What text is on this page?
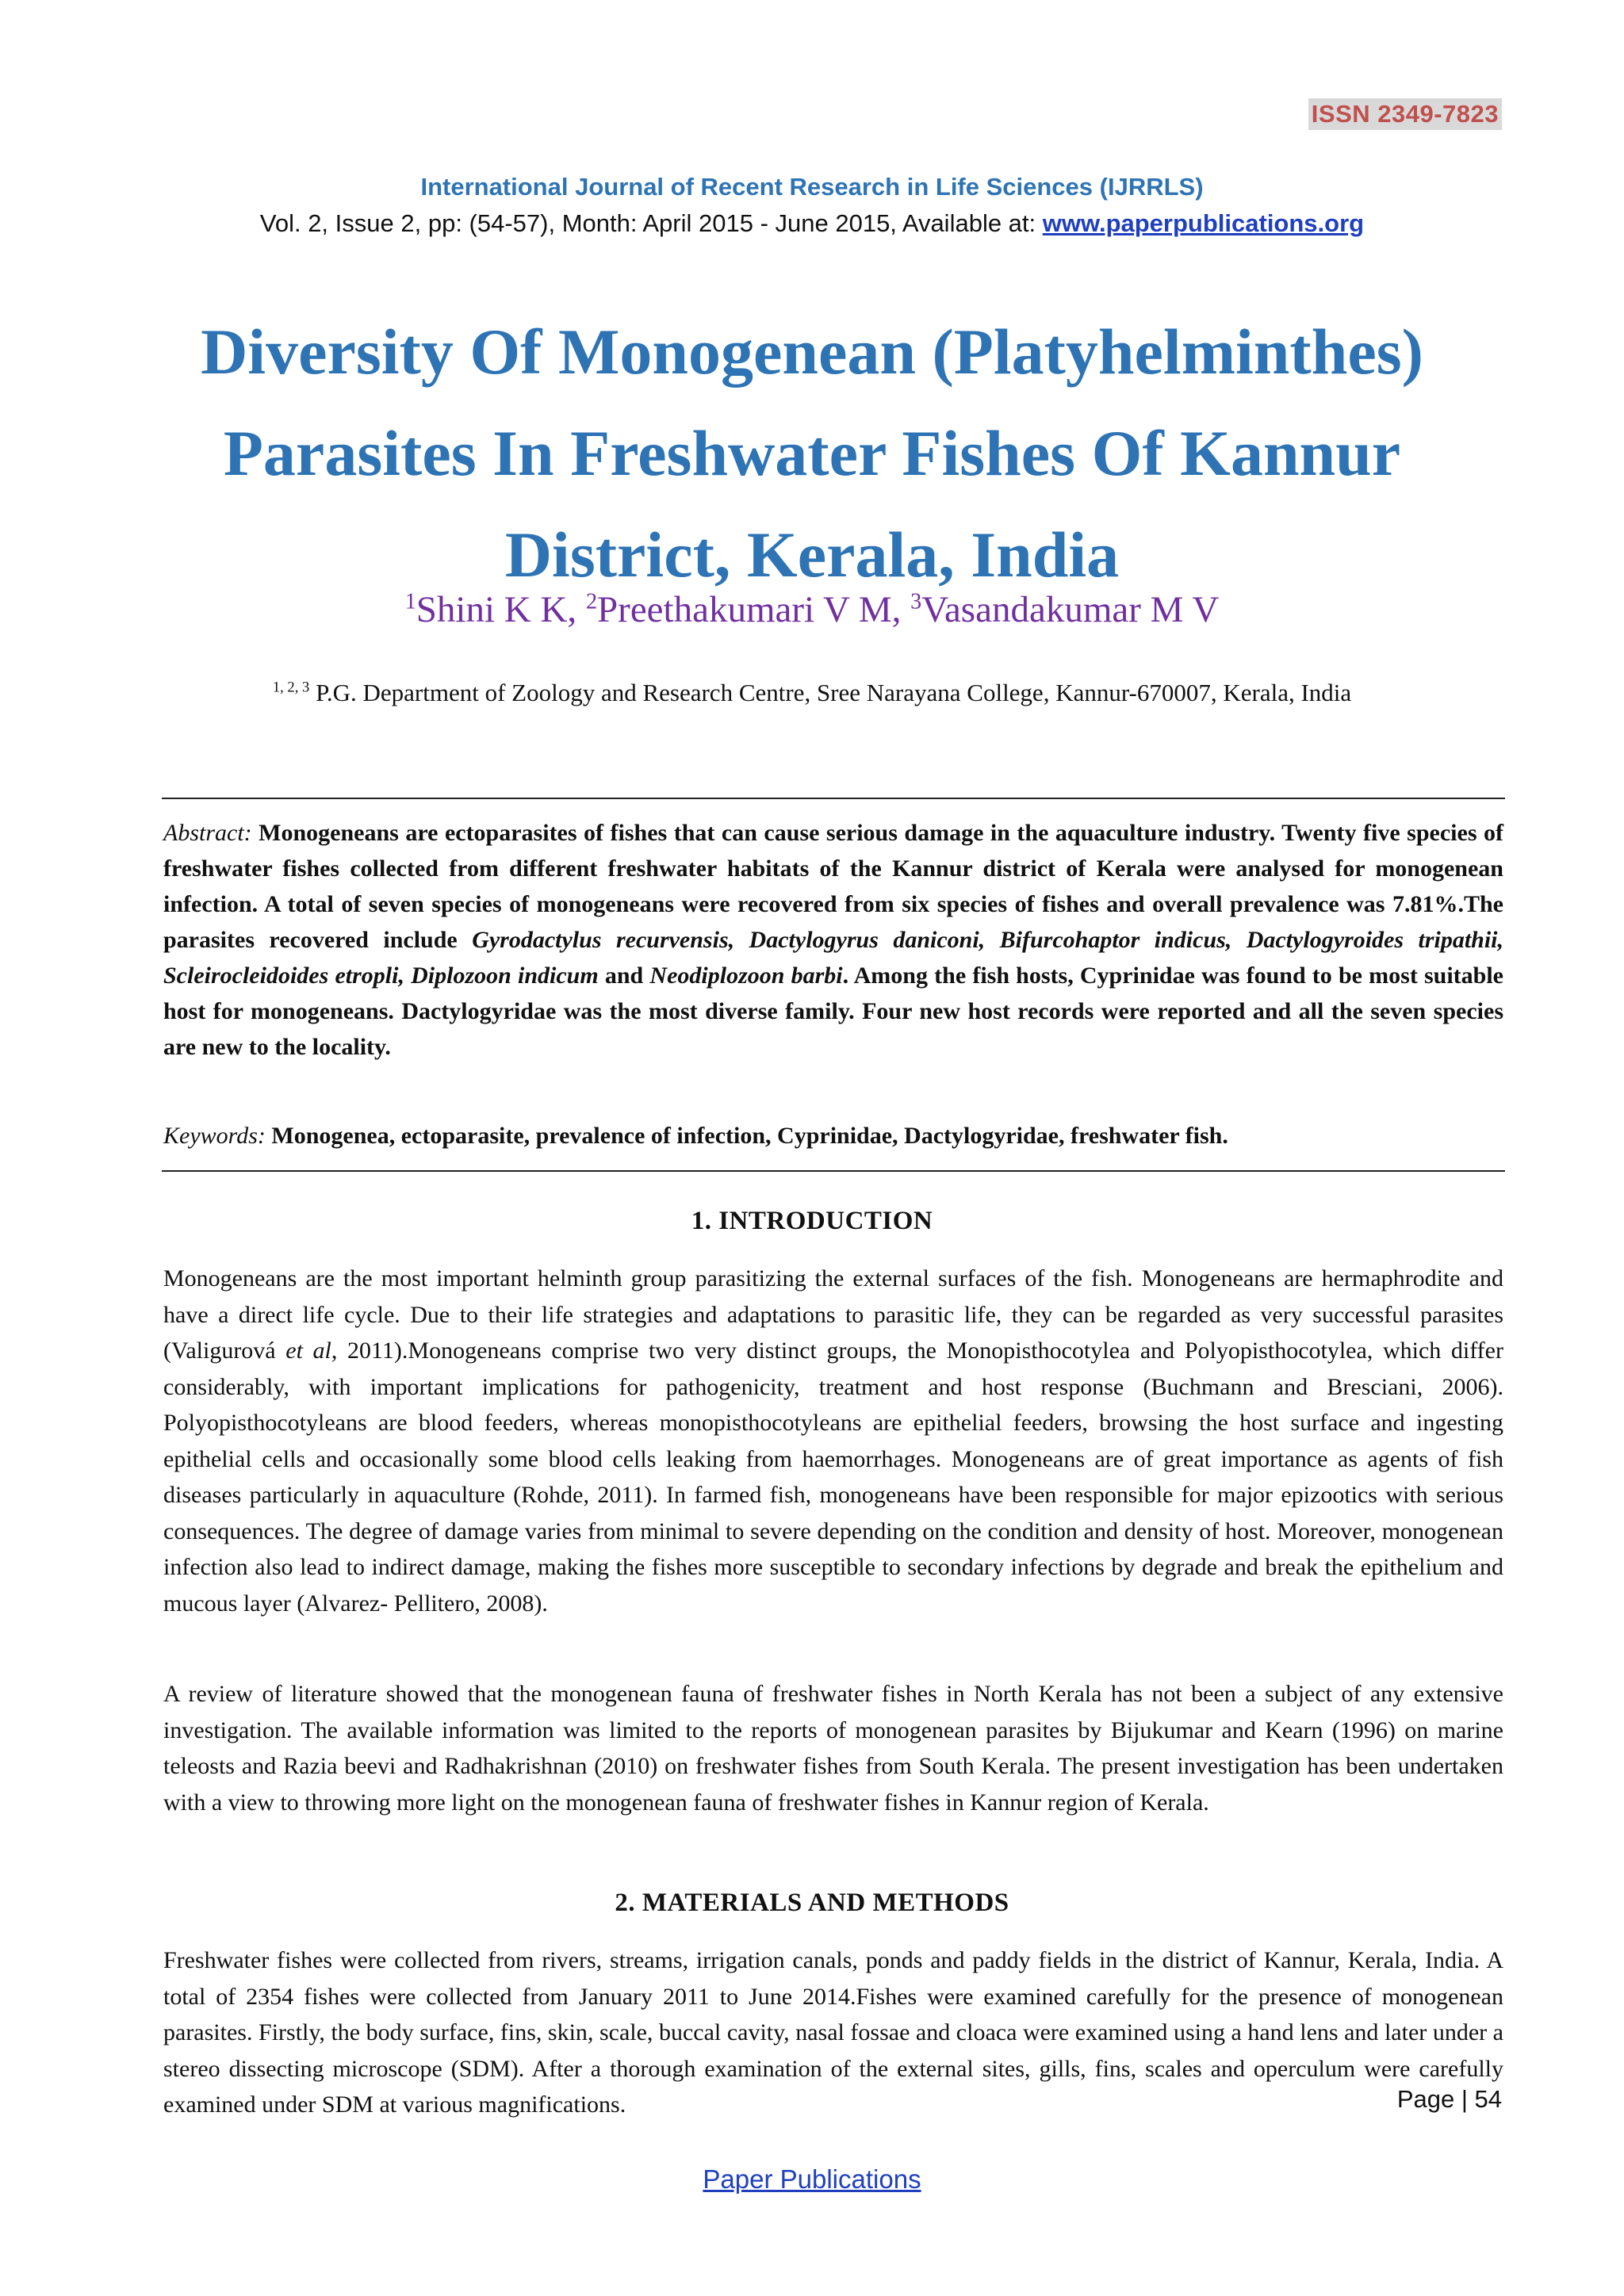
ISSN 2349-7823
International Journal of Recent Research in Life Sciences (IJRRLS)
Vol. 2, Issue 2, pp: (54-57), Month: April 2015 - June 2015, Available at: www.paperpublications.org
Diversity Of Monogenean (Platyhelminthes)
Parasites In Freshwater Fishes Of Kannur
District, Kerala, India
$^1$Shini K K, $^2$Preethakumari V M, $^3$Vasandakumar M V
$^{1, 2, 3}$ P.G. Department of Zoology and Research Centre, Sree Narayana College, Kannur-670007, Kerala, India
Abstract: Monogeneans are ectoparasites of fishes that can cause serious damage in the aquaculture industry. Twenty five species of freshwater fishes collected from different freshwater habitats of the Kannur district of Kerala were analysed for monogenean infection. A total of seven species of monogeneans were recovered from six species of fishes and overall prevalence was 7.81%.The parasites recovered include Gyrodactylus recurvensis, Dactylogyrus daniconi, Bifurcohaptor indicus, Dactylogyroides tripathii, Scleirocleidoides etropli, Diplozoon indicum and Neodiplozoon barbi. Among the fish hosts, Cyprinidae was found to be most suitable host for monogeneans. Dactylogyridae was the most diverse family. Four new host records were reported and all the seven species are new to the locality.
Keywords: Monogenea, ectoparasite, prevalence of infection, Cyprinidae, Dactylogyridae, freshwater fish.
1. INTRODUCTION
Monogeneans are the most important helminth group parasitizing the external surfaces of the fish. Monogeneans are hermaphrodite and have a direct life cycle. Due to their life strategies and adaptations to parasitic life, they can be regarded as very successful parasites (Valigurová et al, 2011).Monogeneans comprise two very distinct groups, the Monopisthocotylea and Polyopisthocotylea, which differ considerably, with important implications for pathogenicity, treatment and host response (Buchmann and Bresciani, 2006). Polyopisthocotyleans are blood feeders, whereas monopisthocotyleans are epithelial feeders, browsing the host surface and ingesting epithelial cells and occasionally some blood cells leaking from haemorrhages. Monogeneans are of great importance as agents of fish diseases particularly in aquaculture (Rohde, 2011). In farmed fish, monogeneans have been responsible for major epizootics with serious consequences. The degree of damage varies from minimal to severe depending on the condition and density of host. Moreover, monogenean infection also lead to indirect damage, making the fishes more susceptible to secondary infections by degrade and break the epithelium and mucous layer (Alvarez- Pellitero, 2008).
A review of literature showed that the monogenean fauna of freshwater fishes in North Kerala has not been a subject of any extensive investigation. The available information was limited to the reports of monogenean parasites by Bijukumar and Kearn (1996) on marine teleosts and Razia beevi and Radhakrishnan (2010) on freshwater fishes from South Kerala. The present investigation has been undertaken with a view to throwing more light on the monogenean fauna of freshwater fishes in Kannur region of Kerala.
2. MATERIALS AND METHODS
Freshwater fishes were collected from rivers, streams, irrigation canals, ponds and paddy fields in the district of Kannur, Kerala, India. A total of 2354 fishes were collected from January 2011 to June 2014.Fishes were examined carefully for the presence of monogenean parasites. Firstly, the body surface, fins, skin, scale, buccal cavity, nasal fossae and cloaca were examined using a hand lens and later under a stereo dissecting microscope (SDM). After a thorough examination of the external sites, gills, fins, scales and operculum were carefully examined under SDM at various magnifications.	Page | 54
Paper Publications
